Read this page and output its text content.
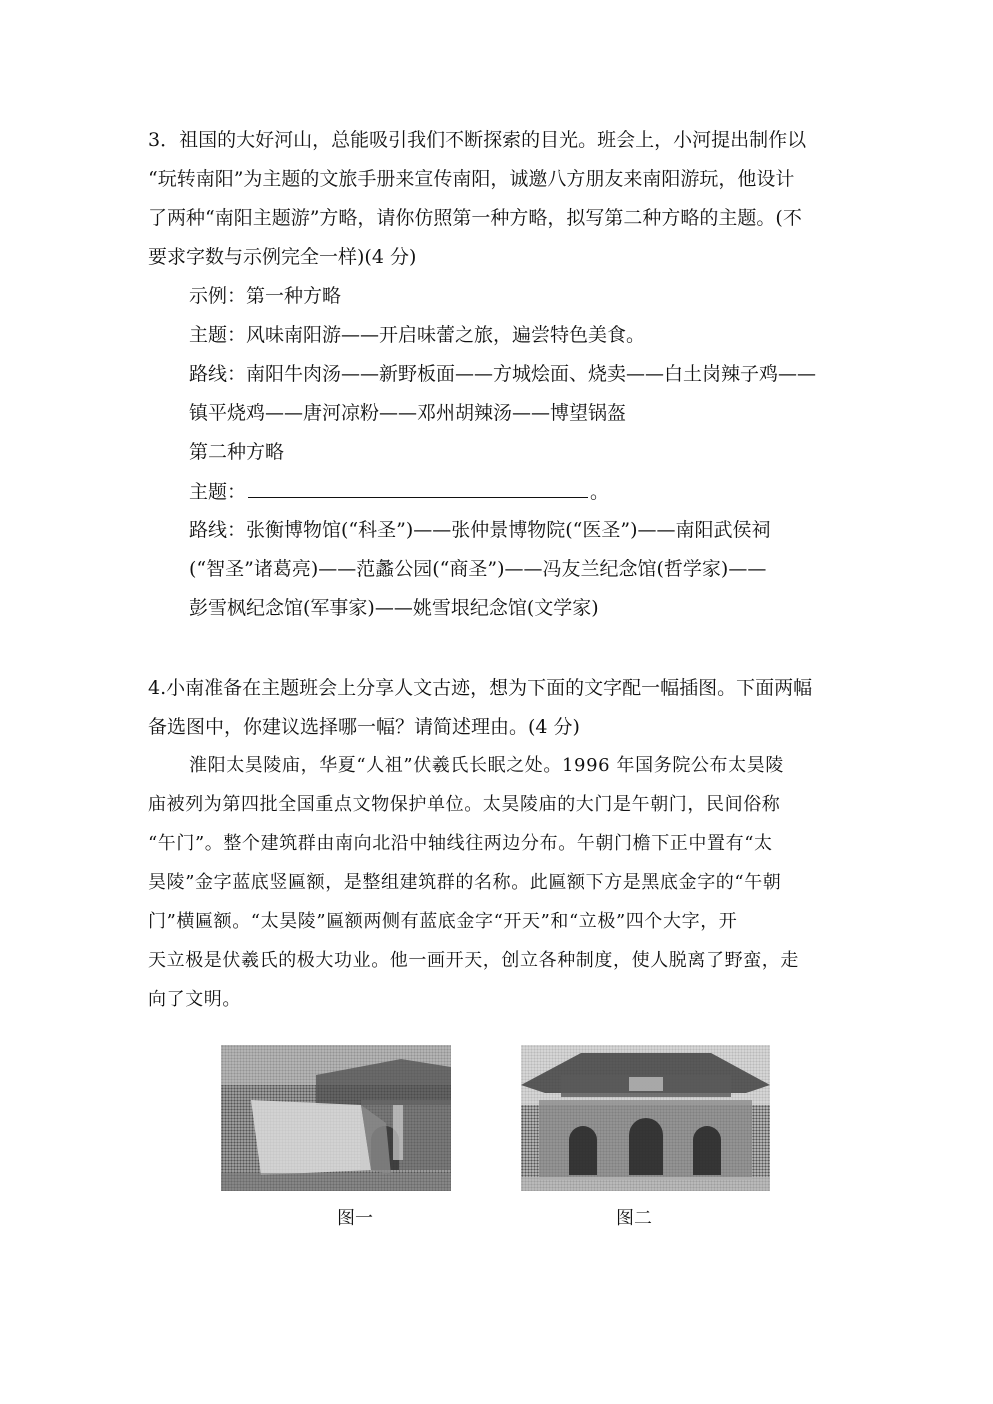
3．祖国的大好河山，总能吸引我们不断探索的目光。班会上，小河提出制作以
“玩转南阳”为主题的文旅手册来宣传南阳，诚邀八方朋友来南阳游玩，他设计
了两种“南阳主题游”方略，请你仿照第一种方略，拟写第二种方略的主题。(不
要求字数与示例完全一样)(4 分)
示例：第一种方略
主题：风味南阳游——开启味蕾之旅，遍尝特色美食。
路线：南阳牛肉汤——新野板面——方城烩面、烧卖——白土岗辣子鸡——
镇平烧鸡——唐河凉粉——邓州胡辣汤——博望锅盔
第二种方略
主题：	。
路线：张衡博物馆(“科圣”)——张仲景博物院(“医圣”)——南阳武侯祠
(“智圣”诸葛亮)——范蠡公园(“商圣”)——冯友兰纪念馆(哲学家)——
彭雪枫纪念馆(军事家)——姚雪垠纪念馆(文学家)
4.小南准备在主题班会上分享人文古迹，想为下面的文字配一幅插图。下面两幅
备选图中，你建议选择哪一幅？请简述理由。(4 分)
淮阳太昊陵庙，华夏“人祖”伏羲氏长眠之处。1996 年国务院公布太昊陵
庙被列为第四批全国重点文物保护单位。太昊陵庙的大门是午朝门，民间俗称
“午门”。整个建筑群由南向北沿中轴线往两边分布。午朝门檐下正中置有“太
昊陵”金字蓝底竖匾额，是整组建筑群的名称。此匾额下方是黑底金字的“午朝
门”横匾额。“太昊陵”匾额两侧有蓝底金字“开天”和“立极”四个大字，开
天立极是伏羲氏的极大功业。他一画开天，创立各种制度，使人脱离了野蛮，走
向了文明。
图一	图二
